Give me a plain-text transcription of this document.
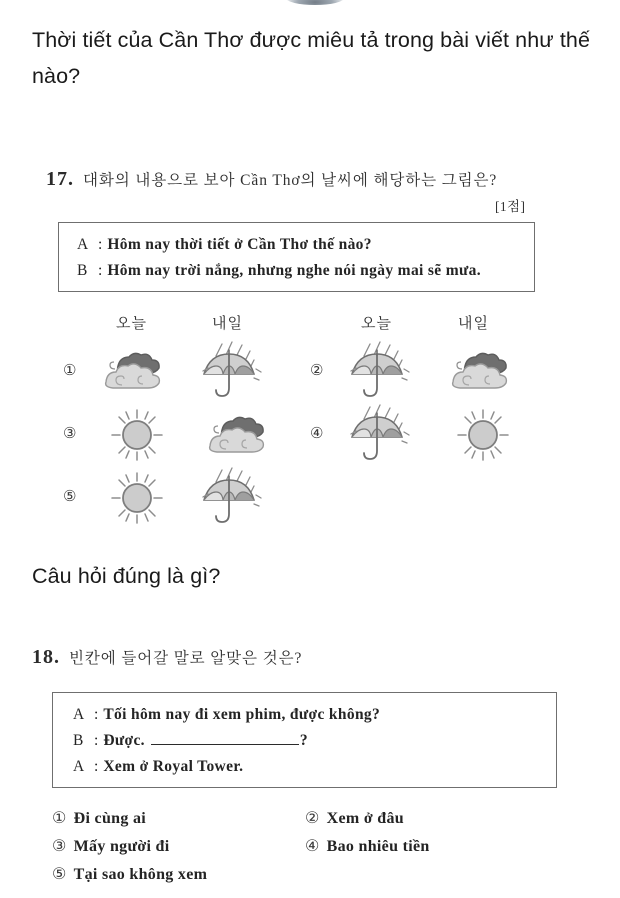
Thời tiết của Cần Thơ được miêu tả trong bài viết như thế nào?
Câu hỏi đúng là gì?
17. 대화의 내용으로 보아 Cần Thơ의 날씨에 해당하는 그림은?
[1점]
A : Hôm nay thời tiết ở Cần Thơ thế nào?
B : Hôm nay trời nắng, nhưng nghe nói ngày mai sẽ mưa.
오늘	내일	오늘	내일
①	②
③	④
⑤
18. 빈칸에 들어갈 말로 알맞은 것은?
A : Tối hôm nay đi xem phim, được không?
B : Được.	?
A : Xem ở Royal Tower.
① Đi cùng ai	② Xem ở đâu
③ Mấy người đi	④ Bao nhiêu tiền
⑤ Tại sao không xem
